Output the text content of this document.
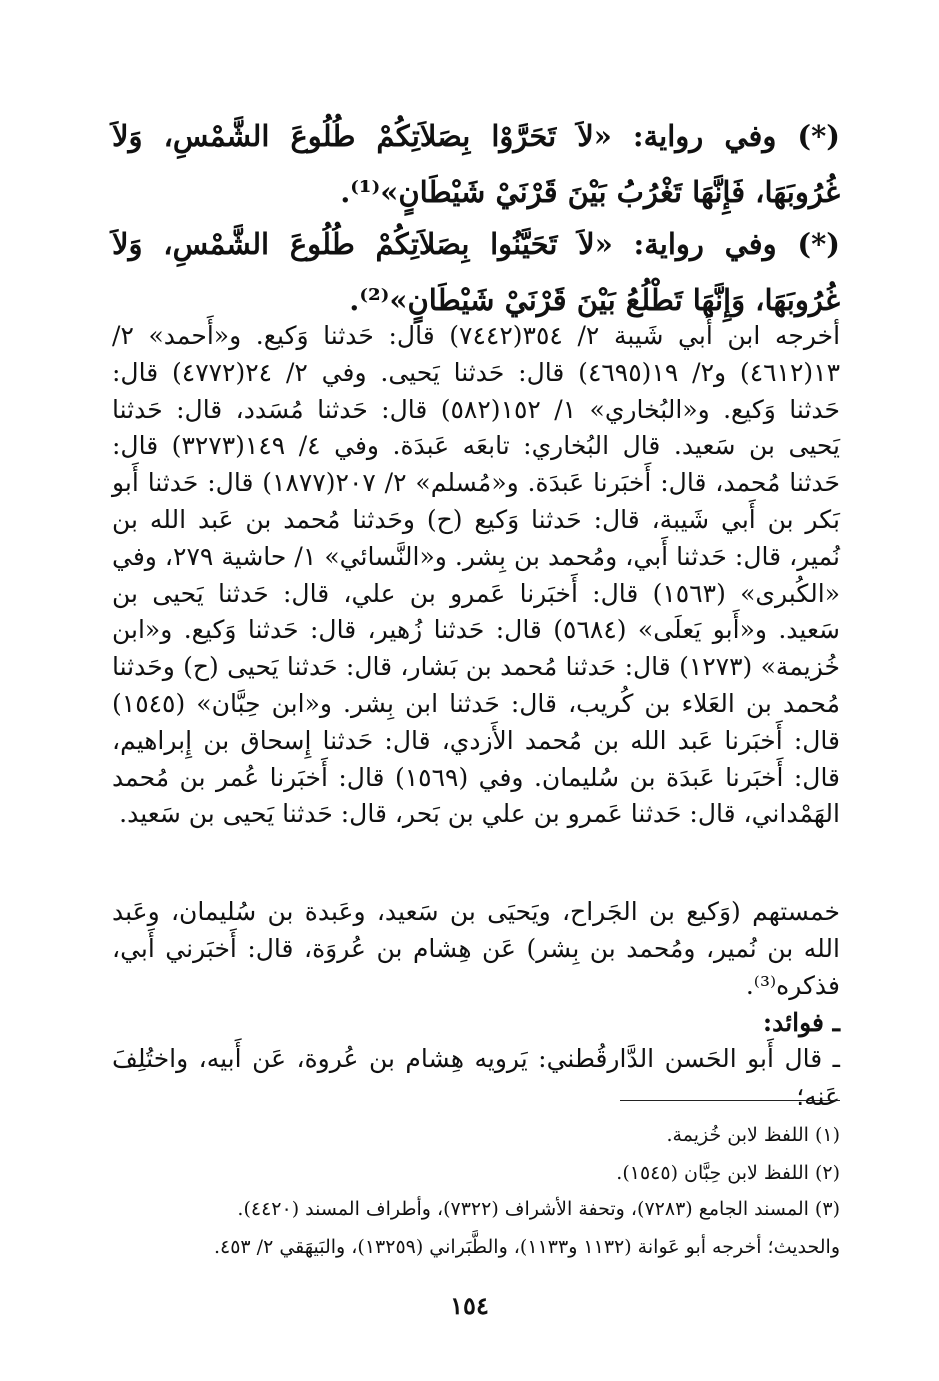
(*) وفي رواية: «لاَ تَحَرَّوْا بِصَلاَتِكُمْ طُلُوعَ الشَّمْسِ، وَلاَ غُرُوبَهَا، فَإِنَّهَا تَغْرُبُ بَيْنَ قَرْنَيْ شَيْطَانٍ»⁽¹⁾.

(*) وفي رواية: «لاَ تَحَيَّنُوا بِصَلاَتِكُمْ طُلُوعَ الشَّمْسِ، وَلاَ غُرُوبَهَا، وَإِنَّهَا تَطْلُعُ بَيْنَ قَرْنَيْ شَيْطَانٍ»⁽²⁾.

أخرجه ابن أَبي شَيبة ٢/ ٣٥٤(٧٤٤٢) قال: حَدثنا وَكيع. و«أَحمد» ٢/ ١٣(٤٦١٢) و٢/ ١٩(٤٦٩٥) قال: حَدثنا يَحيى. وفي ٢/ ٢٤(٤٧٧٢) قال: حَدثنا وَكيع. و«البُخاري» ١/ ١٥٢(٥٨٢) قال: حَدثنا مُسَدد، قال: حَدثنا يَحيى بن سَعيد. قال البُخاري: تابعَه عَبدَة. وفي ٤/ ١٤٩(٣٢٧٣) قال: حَدثنا مُحمد، قال: أَخبَرنا عَبدَة. و«مُسلم» ٢/ ٢٠٧(١٨٧٧) قال: حَدثنا أَبو بَكر بن أَبي شَيبة، قال: حَدثنا وَكيع (ح) وحَدثنا مُحمد بن عَبد الله بن نُمير، قال: حَدثنا أَبي، ومُحمد بن بِشر. و«النَّسائي» ١/ حاشية ٢٧٩، وفي «الكُبرى» (١٥٦٣) قال: أَخبَرنا عَمرو بن علي، قال: حَدثنا يَحيى بن سَعيد. و«أَبو يَعلَى» (٥٦٨٤) قال: حَدثنا زُهير، قال: حَدثنا وَكيع. و«ابن خُزيمة» (١٢٧٣) قال: حَدثنا مُحمد بن بَشار، قال: حَدثنا يَحيى (ح) وحَدثنا مُحمد بن العَلاء بن كُريب، قال: حَدثنا ابن بِشر. و«ابن حِبَّان» (١٥٤٥) قال: أَخبَرنا عَبد الله بن مُحمد الأَزدي، قال: حَدثنا إِسحاق بن إِبراهيم، قال: أَخبَرنا عَبدَة بن سُليمان. وفي (١٥٦٩) قال: أَخبَرنا عُمر بن مُحمد الهَمْداني، قال: حَدثنا عَمرو بن علي بن بَحر، قال: حَدثنا يَحيى بن سَعيد.

خمستهم (وَكيع بن الجَراح، ويَحيَى بن سَعيد، وعَبدة بن سُليمان، وعَبد الله بن نُمير، ومُحمد بن بِشر) عَن هِشام بن عُروَة، قال: أَخبَرني أَبي، فذكره⁽³⁾.

ـ فوائد:

ـ قال أَبو الحَسن الدَّارقُطني: يَرويه هِشام بن عُروة، عَن أَبيه، واختُلِفَ عَنه؛

(١) اللفظ لابن خُزيمة.

(٢) اللفظ لابن حِبَّان (١٥٤٥).

(٣) المسند الجامع (٧٢٨٣)، وتحفة الأشراف (٧٣٢٢)، وأطراف المسند (٤٤٢٠).

والحديث؛ أخرجه أبو عَوانة (١١٣٢ و١١٣٣)، والطَّبَراني (١٣٢٥٩)، والبَيهَقي ٢/ ٤٥٣.

١٥٤
